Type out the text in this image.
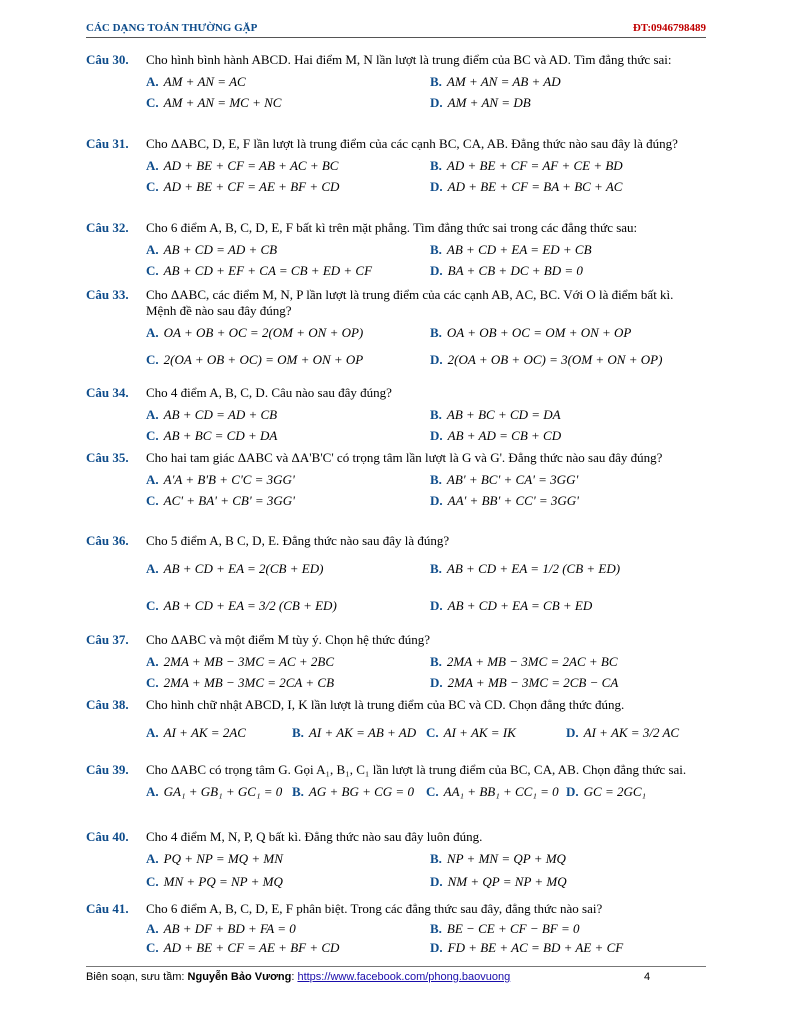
CÁC DẠNG TOÁN THƯỜNG GẶP	ĐT:0946798489
Câu 30. Cho hình bình hành ABCD. Hai điểm M, N lần lượt là trung điểm của BC và AD. Tìm đẳng thức sai:
A. AM + AN = AC	B. AM + AN = AB + AD
C. AM + AN = MC + NC	D. AM + AN = DB
Câu 31. Cho ΔABC, D, E, F lần lượt là trung điểm của các cạnh BC, CA, AB. Đẳng thức nào sau đây là đúng?
A. AD + BE + CF = AB + AC + BC	B. AD + BE + CF = AF + CE + BD
C. AD + BE + CF = AE + BF + CD	D. AD + BE + CF = BA + BC + AC
Câu 32. Cho 6 điểm A, B, C, D, E, F bất kì trên mặt phẳng. Tìm đẳng thức sai trong các đẳng thức sau:
A. AB + CD = AD + CB	B. AB + CD + EA = ED + CB
C. AB + CD + EF + CA = CB + ED + CF	D. BA + CB + DC + BD = 0
Câu 33. Cho ΔABC, các điểm M, N, P lần lượt là trung điểm của các cạnh AB, AC, BC. Với O là điểm bất kì. Mệnh đề nào sau đây đúng?
A. OA + OB + OC = 2(OM + ON + OP)	B. OA + OB + OC = OM + ON + OP
C. 2(OA + OB + OC) = OM + ON + OP	D. 2(OA + OB + OC) = 3(OM + ON + OP)
Câu 34. Cho 4 điểm A, B, C, D. Câu nào sau đây đúng?
A. AB + CD = AD + CB	B. AB + BC + CD = DA
C. AB + BC = CD + DA	D. AB + AD = CB + CD
Câu 35. Cho hai tam giác ΔABC và ΔA'B'C' có trọng tâm lần lượt là G và G'. Đẳng thức nào sau đây đúng?
A. A'A + B'B + C'C = 3GG'	B. AB' + BC' + CA' = 3GG'
C. AC' + BA' + CB' = 3GG'	D. AA' + BB' + CC' = 3GG'
Câu 36. Cho 5 điểm A, B C, D, E. Đẳng thức nào sau đây là đúng?
A. AB + CD + EA = 2(CB + ED)	B. AB + CD + EA = 1/2 (CB + ED)
C. AB + CD + EA = 3/2 (CB + ED)	D. AB + CD + EA = CB + ED
Câu 37. Cho ΔABC và một điểm M tùy ý. Chọn hệ thức đúng?
A. 2MA + MB − 3MC = AC + 2BC	B. 2MA + MB − 3MC = 2AC + BC
C. 2MA + MB − 3MC = 2CA + CB	D. 2MA + MB − 3MC = 2CB − CA
Câu 38. Cho hình chữ nhật ABCD, I, K lần lượt là trung điểm của BC và CD. Chọn đẳng thức đúng.
A. AI + AK = 2AC	B. AI + AK = AB + AD C. AI + AK = IK	D. AI + AK = 3/2 AC
Câu 39. Cho ΔABC có trọng tâm G. Gọi A₁, B₁, C₁ lần lượt là trung điểm của BC, CA, AB. Chọn đẳng thức sai.
A. GA₁ + GB₁ + GC₁ = 0 B. AG + BG + CG = 0 C. AA₁ + BB₁ + CC₁ = 0 D. GC = 2GC₁
Câu 40. Cho 4 điểm M, N, P, Q bất kì. Đẳng thức nào sau đây luôn đúng.
A. PQ + NP = MQ + MN	B. NP + MN = QP + MQ
C. MN + PQ = NP + MQ	D. NM + QP = NP + MQ
Câu 41. Cho 6 điểm A, B, C, D, E, F phân biệt. Trong các đẳng thức sau đây, đẳng thức nào sai?
A. AB + DF + BD + FA = 0	B. BE − CE + CF − BF = 0
C. AD + BE + CF = AE + BF + CD	D. FD + BE + AC = BD + AE + CF
Biên soạn, sưu tầm: Nguyễn Bảo Vương: https://www.facebook.com/phong.baovuong	4
